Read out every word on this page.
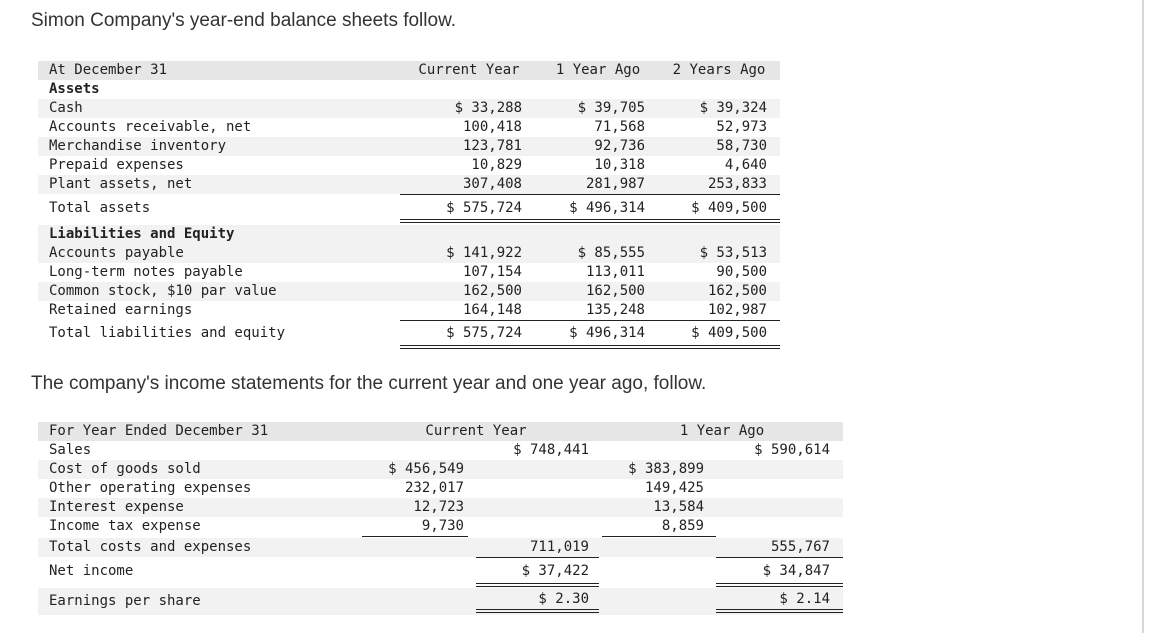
Simon Company's year-end balance sheets follow.
At December 31	Current Year	1 Year Ago	2 Years Ago
Assets
Cash	$ 33,288	$ 39,705	$ 39,324
Accounts receivable, net	100,418	71,568	52,973
Merchandise inventory	123,781	92,736	58,730
Prepaid expenses	10,829	10,318	4,640
Plant assets, net	307,408	281,987	253,833
Total assets	$ 575,724	$ 496,314	$ 409,500
Liabilities and Equity
Accounts payable	$ 141,922	$ 85,555	$ 53,513
Long-term notes payable	107,154	113,011	90,500
Common stock, $10 par value	162,500	162,500	162,500
Retained earnings	164,148	135,248	102,987
Total liabilities and equity	$ 575,724	$ 496,314	$ 409,500
The company's income statements for the current year and one year ago, follow.
For Year Ended December 31	Current Year	1 Year Ago
Sales	$ 748,441	$ 590,614
Cost of goods sold	$ 456,549	$ 383,899
Other operating expenses	232,017	149,425
Interest expense	12,723	13,584
Income tax expense	9,730	8,859
Total costs and expenses	711,019	555,767
Net income	$ 37,422	$ 34,847
Earnings per share	$ 2.30	$ 2.14
